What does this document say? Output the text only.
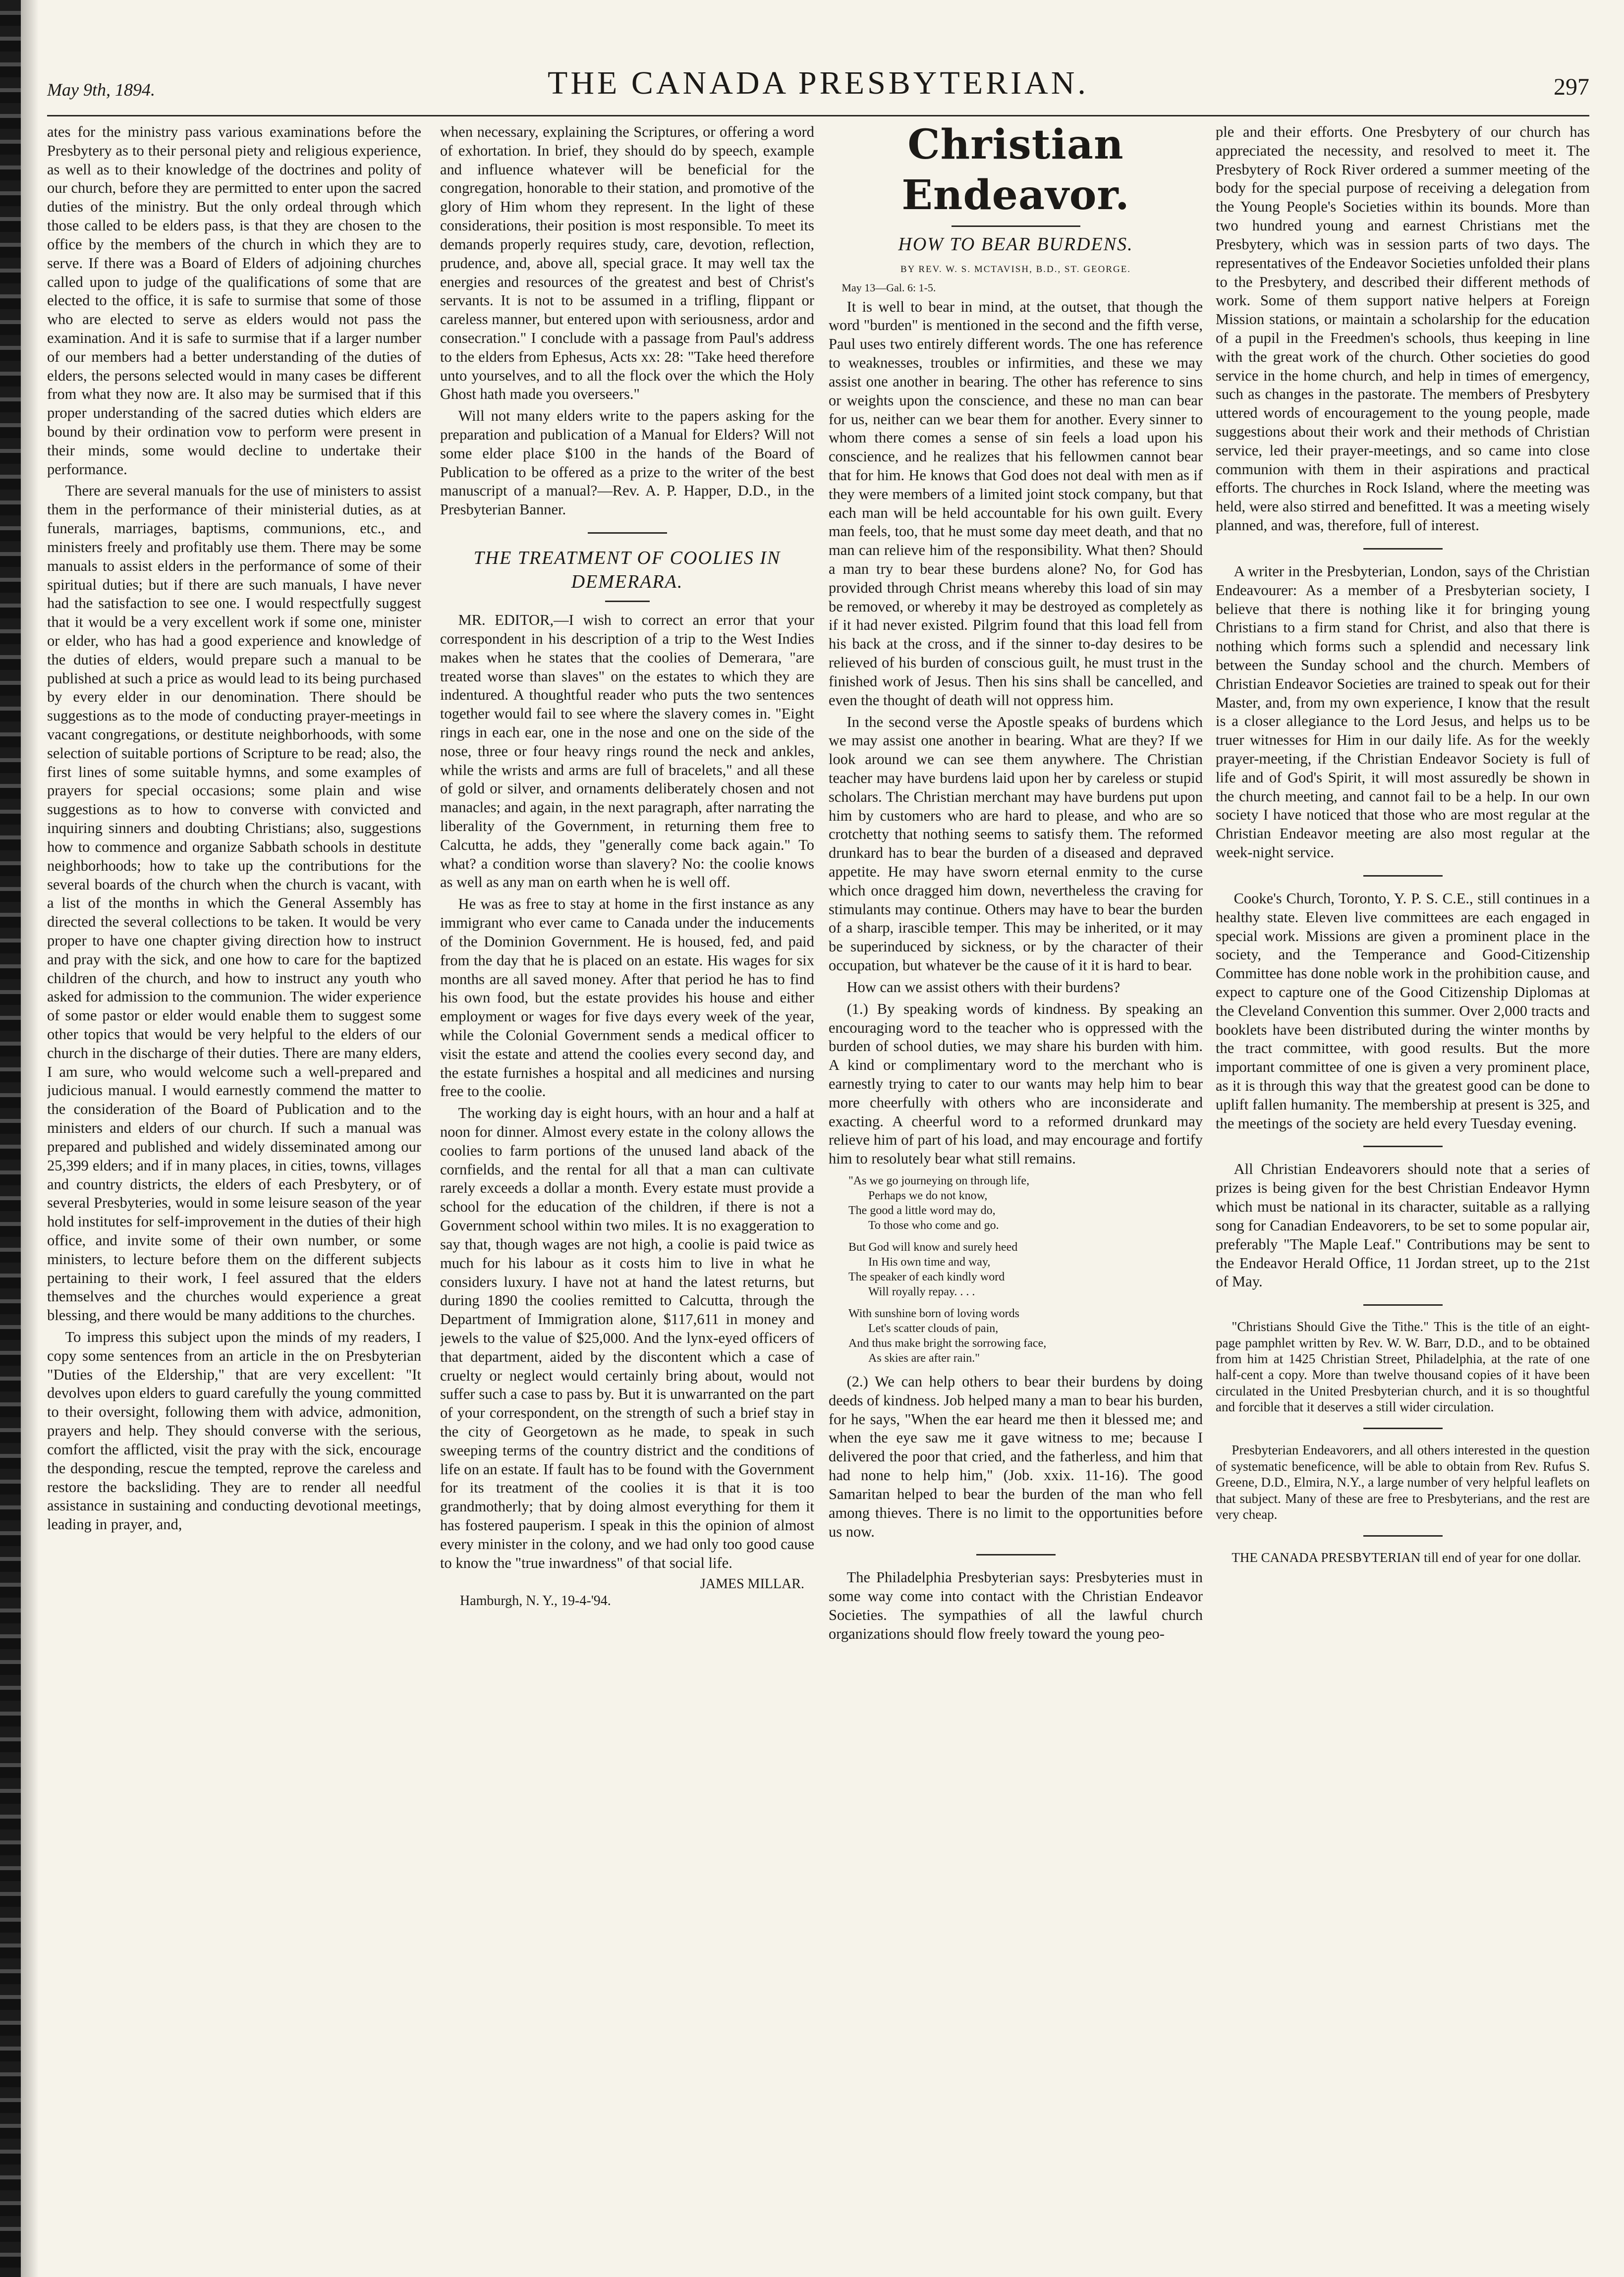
May 9th, 1894.	THE CANADA PRESBYTERIAN.	297

ates for the ministry pass various examinations before the Presbytery as to their personal piety and religious experience, as well as to their knowledge of the doctrines and polity of our church, before they are permitted to enter upon the sacred duties of the ministry. But the only ordeal through which those called to be elders pass, is that they are chosen to the office by the members of the church in which they are to serve. If there was a Board of Elders of adjoining churches called upon to judge of the qualifications of some that are elected to the office, it is safe to surmise that some of those who are elected to serve as elders would not pass the examination. And it is safe to surmise that if a larger number of our members had a better understanding of the duties of elders, the persons selected would in many cases be different from what they now are. It also may be surmised that if this proper understanding of the sacred duties which elders are bound by their ordination vow to perform were present in their minds, some would decline to undertake their performance.

There are several manuals for the use of ministers to assist them in the performance of their ministerial duties, as at funerals, marriages, baptisms, communions, etc., and ministers freely and profitably use them. There may be some manuals to assist elders in the performance of some of their spiritual duties; but if there are such manuals, I have never had the satisfaction to see one. I would respectfully suggest that it would be a very excellent work if some one, minister or elder, who has had a good experience and knowledge of the duties of elders, would prepare such a manual to be published at such a price as would lead to its being purchased by every elder in our denomination. There should be suggestions as to the mode of conducting prayer-meetings in vacant congregations, or destitute neighborhoods, with some selection of suitable portions of Scripture to be read; also, the first lines of some suitable hymns, and some examples of prayers for special occasions; some plain and wise suggestions as to how to converse with convicted and inquiring sinners and doubting Christians; also, suggestions how to commence and organize Sabbath schools in destitute neighborhoods; how to take up the contributions for the several boards of the church when the church is vacant, with a list of the months in which the General Assembly has directed the several collections to be taken. It would be very proper to have one chapter giving direction how to instruct and pray with the sick, and one how to care for the baptized children of the church, and how to instruct any youth who asked for admission to the communion. The wider experience of some pastor or elder would enable them to suggest some other topics that would be very helpful to the elders of our church in the discharge of their duties. There are many elders, I am sure, who would welcome such a well-prepared and judicious manual. I would earnestly commend the matter to the consideration of the Board of Publication and to the ministers and elders of our church. If such a manual was prepared and published and widely disseminated among our 25,399 elders; and if in many places, in cities, towns, villages and country districts, the elders of each Presbytery, or of several Presbyteries, would in some leisure season of the year hold institutes for self-improvement in the duties of their high office, and invite some of their own number, or some ministers, to lecture before them on the different subjects pertaining to their work, I feel assured that the elders themselves and the churches would experience a great blessing, and there would be many additions to the churches.

To impress this subject upon the minds of my readers, I copy some sentences from an article in the on Presbyterian "Duties of the Eldership," that are very excellent: "It devolves upon elders to guard carefully the young committed to their oversight, following them with advice, admonition, prayers and help. They should converse with the serious, comfort the afflicted, visit the pray with the sick, encourage the desponding, rescue the tempted, reprove the careless and restore the backsliding. They are to render all needful assistance in sustaining and conducting devotional meetings, leading in prayer, and,

when necessary, explaining the Scriptures, or offering a word of exhortation. In brief, they should do by speech, example and influence whatever will be beneficial for the congregation, honorable to their station, and promotive of the glory of Him whom they represent. In the light of these considerations, their position is most responsible. To meet its demands properly requires study, care, devotion, reflection, prudence, and, above all, special grace. It may well tax the energies and resources of the greatest and best of Christ's servants. It is not to be assumed in a trifling, flippant or careless manner, but entered upon with seriousness, ardor and consecration." I conclude with a passage from Paul's address to the elders from Ephesus, Acts xx: 28: "Take heed therefore unto yourselves, and to all the flock over the which the Holy Ghost hath made you overseers."

Will not many elders write to the papers asking for the preparation and publication of a Manual for Elders? Will not some elder place $100 in the hands of the Board of Publication to be offered as a prize to the writer of the best manuscript of a manual?—Rev. A. P. Happer, D.D., in the Presbyterian Banner.

THE TREATMENT OF COOLIES IN DEMERARA.

MR. EDITOR,—I wish to correct an error that your correspondent in his description of a trip to the West Indies makes when he states that the coolies of Demerara, "are treated worse than slaves" on the estates to which they are indentured. A thoughtful reader who puts the two sentences together would fail to see where the slavery comes in. "Eight rings in each ear, one in the nose and one on the side of the nose, three or four heavy rings round the neck and ankles, while the wrists and arms are full of bracelets," and all these of gold or silver, and ornaments deliberately chosen and not manacles; and again, in the next paragraph, after narrating the liberality of the Government, in returning them free to Calcutta, he adds, they "generally come back again." To what? a condition worse than slavery? No: the coolie knows as well as any man on earth when he is well off.

He was as free to stay at home in the first instance as any immigrant who ever came to Canada under the inducements of the Dominion Government. He is housed, fed, and paid from the day that he is placed on an estate. His wages for six months are all saved money. After that period he has to find his own food, but the estate provides his house and either employment or wages for five days every week of the year, while the Colonial Government sends a medical officer to visit the estate and attend the coolies every second day, and the estate furnishes a hospital and all medicines and nursing free to the coolie.

The working day is eight hours, with an hour and a half at noon for dinner. Almost every estate in the colony allows the coolies to farm portions of the unused land aback of the cornfields, and the rental for all that a man can cultivate rarely exceeds a dollar a month. Every estate must provide a school for the education of the children, if there is not a Government school within two miles. It is no exaggeration to say that, though wages are not high, a coolie is paid twice as much for his labour as it costs him to live in what he considers luxury. I have not at hand the latest returns, but during 1890 the coolies remitted to Calcutta, through the Department of Immigration alone, $117,611 in money and jewels to the value of $25,000. And the lynx-eyed officers of that department, aided by the discontent which a case of cruelty or neglect would certainly bring about, would not suffer such a case to pass by. But it is unwarranted on the part of your correspondent, on the strength of such a brief stay in the city of Georgetown as he made, to speak in such sweeping terms of the country district and the conditions of life on an estate. If fault has to be found with the Government for its treatment of the coolies it is that it is too grandmotherly; that by doing almost everything for them it has fostered pauperism. I speak in this the opinion of almost every minister in the colony, and we had only too good cause to know the "true inwardness" of that social life.

JAMES MILLAR.
Hamburgh, N. Y., 19-4-'94.
Christian Endeavor.
HOW TO BEAR BURDENS.
BY REV. W. S. MCTAVISH, B.D., ST. GEORGE.

May 13—Gal. 6: 1-5.

It is well to bear in mind, at the outset, that though the word "burden" is mentioned in the second and the fifth verse, Paul uses two entirely different words. The one has reference to weaknesses, troubles or infirmities, and these we may assist one another in bearing. The other has reference to sins or weights upon the conscience, and these no man can bear for us, neither can we bear them for another. Every sinner to whom there comes a sense of sin feels a load upon his conscience, and he realizes that his fellowmen cannot bear that for him. He knows that God does not deal with men as if they were members of a limited joint stock company, but that each man will be held accountable for his own guilt. Every man feels, too, that he must some day meet death, and that no man can relieve him of the responsibility. What then? Should a man try to bear these burdens alone? No, for God has provided through Christ means whereby this load of sin may be removed, or whereby it may be destroyed as completely as if it had never existed. Pilgrim found that this load fell from his back at the cross, and if the sinner to-day desires to be relieved of his burden of conscious guilt, he must trust in the finished work of Jesus. Then his sins shall be cancelled, and even the thought of death will not oppress him.

In the second verse the Apostle speaks of burdens which we may assist one another in bearing. What are they? If we look around we can see them anywhere. The Christian teacher may have burdens laid upon her by careless or stupid scholars. The Christian merchant may have burdens put upon him by customers who are hard to please, and who are so crotchetty that nothing seems to satisfy them. The reformed drunkard has to bear the burden of a diseased and depraved appetite. He may have sworn eternal enmity to the curse which once dragged him down, nevertheless the craving for stimulants may continue. Others may have to bear the burden of a sharp, irascible temper. This may be inherited, or it may be superinduced by sickness, or by the character of their occupation, but whatever be the cause of it it is hard to bear.

How can we assist others with their burdens?

(1.) By speaking words of kindness. By speaking an encouraging word to the teacher who is oppressed with the burden of school duties, we may share his burden with him. A kind or complimentary word to the merchant who is earnestly trying to cater to our wants may help him to bear more cheerfully with others who are inconsiderate and exacting. A cheerful word to a reformed drunkard may relieve him of part of his load, and may encourage and fortify him to resolutely bear what still remains.

"As we go journeying on through life,
Perhaps we do not know,
The good a little word may do,
To those who come and go.
But God will know and surely heed
In His own time and way,
The speaker of each kindly word
Will royally repay. . . .
With sunshine born of loving words
Let's scatter clouds of pain,
And thus make bright the sorrowing face,
As skies are after rain."

(2.) We can help others to bear their burdens by doing deeds of kindness. Job helped many a man to bear his burden, for he says, "When the ear heard me then it blessed me; and when the eye saw me it gave witness to me; because I delivered the poor that cried, and the fatherless, and him that had none to help him," (Job. xxix. 11-16). The good Samaritan helped to bear the burden of the man who fell among thieves. There is no limit to the opportunities before us now.

The Philadelphia Presbyterian says: Presbyteries must in some way come into contact with the Christian Endeavor Societies. The sympathies of all the lawful church organizations should flow freely toward the young peo-

ple and their efforts. One Presbytery of our church has appreciated the necessity, and resolved to meet it. The Presbytery of Rock River ordered a summer meeting of the body for the special purpose of receiving a delegation from the Young People's Societies within its bounds. More than two hundred young and earnest Christians met the Presbytery, which was in session parts of two days. The representatives of the Endeavor Societies unfolded their plans to the Presbytery, and described their different methods of work. Some of them support native helpers at Foreign Mission stations, or maintain a scholarship for the education of a pupil in the Freedmen's schools, thus keeping in line with the great work of the church. Other societies do good service in the home church, and help in times of emergency, such as changes in the pastorate. The members of Presbytery uttered words of encouragement to the young people, made suggestions about their work and their methods of Christian service, led their prayer-meetings, and so came into close communion with them in their aspirations and practical efforts. The churches in Rock Island, where the meeting was held, were also stirred and benefitted. It was a meeting wisely planned, and was, therefore, full of interest.

A writer in the Presbyterian, London, says of the Christian Endeavourer: As a member of a Presbyterian society, I believe that there is nothing like it for bringing young Christians to a firm stand for Christ, and also that there is nothing which forms such a splendid and necessary link between the Sunday school and the church. Members of Christian Endeavor Societies are trained to speak out for their Master, and, from my own experience, I know that the result is a closer allegiance to the Lord Jesus, and helps us to be truer witnesses for Him in our daily life. As for the weekly prayer-meeting, if the Christian Endeavor Society is full of life and of God's Spirit, it will most assuredly be shown in the church meeting, and cannot fail to be a help. In our own society I have noticed that those who are most regular at the Christian Endeavor meeting are also most regular at the week-night service.

Cooke's Church, Toronto, Y. P. S. C.E., still continues in a healthy state. Eleven live committees are each engaged in special work. Missions are given a prominent place in the society, and the Temperance and Good-Citizenship Committee has done noble work in the prohibition cause, and expect to capture one of the Good Citizenship Diplomas at the Cleveland Convention this summer. Over 2,000 tracts and booklets have been distributed during the winter months by the tract committee, with good results. But the more important committee of one is given a very prominent place, as it is through this way that the greatest good can be done to uplift fallen humanity. The membership at present is 325, and the meetings of the society are held every Tuesday evening.

All Christian Endeavorers should note that a series of prizes is being given for the best Christian Endeavor Hymn which must be national in its character, suitable as a rallying song for Canadian Endeavorers, to be set to some popular air, preferably "The Maple Leaf." Contributions may be sent to the Endeavor Herald Office, 11 Jordan street, up to the 21st of May.

"Christians Should Give the Tithe." This is the title of an eight-page pamphlet written by Rev. W. W. Barr, D.D., and to be obtained from him at 1425 Christian Street, Philadelphia, at the rate of one half-cent a copy. More than twelve thousand copies of it have been circulated in the United Presbyterian church, and it is so thoughtful and forcible that it deserves a still wider circulation.

Presbyterian Endeavorers, and all others interested in the question of systematic beneficence, will be able to obtain from Rev. Rufus S. Greene, D.D., Elmira, N.Y., a large number of very helpful leaflets on that subject. Many of these are free to Presbyterians, and the rest are very cheap.

THE CANADA PRESBYTERIAN till end of year for one dollar.
